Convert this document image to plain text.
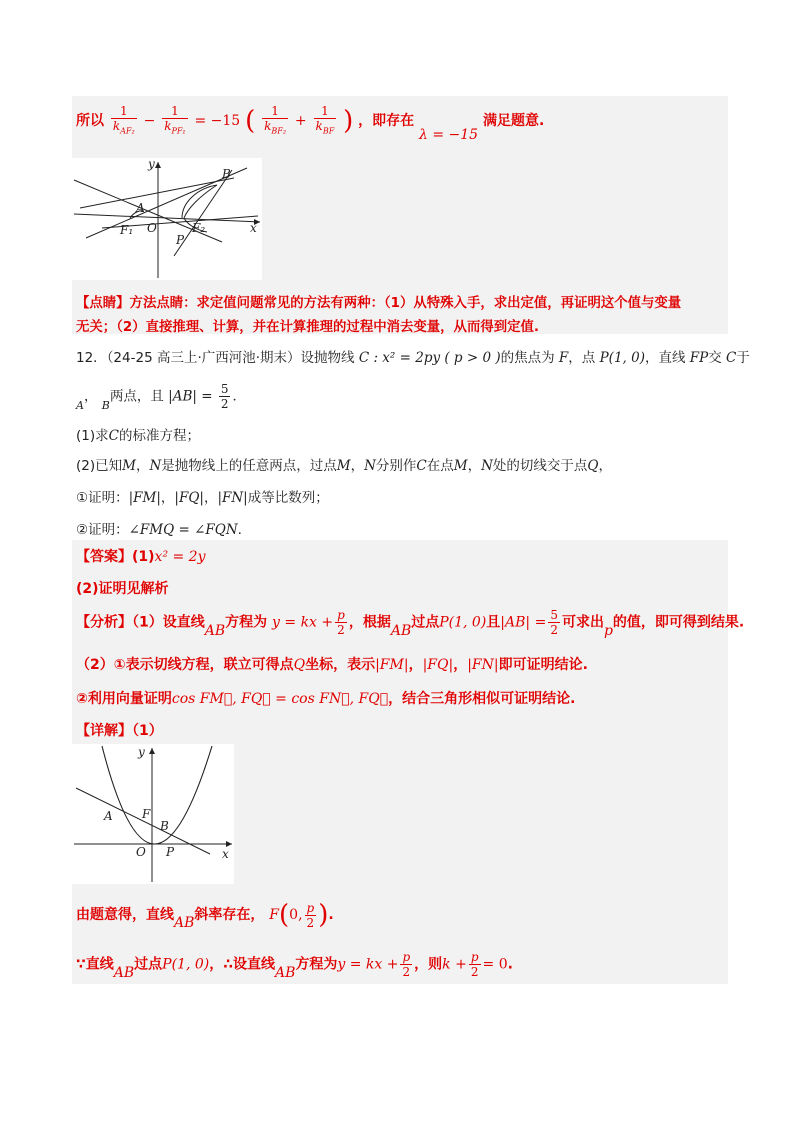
所以 $\frac{1}{k_{AF_2}} - \frac{1}{k_{PF_1}} = -15$ ( $\frac{1}{k_{BF_2}} + \frac{1}{k_{BF}}$ ) ，即存在 λ = −15 满足题意.
y
x
B
A
F₁ O
P
F₂
【点睛】方法点睛：求定值问题常见的方法有两种：（1）从特殊入手，求出定值，再证明这个值与变量
无关；（2）直接推理、计算，并在计算推理的过程中消去变量，从而得到定值.
12．（24-25 高三上·广西河池·期末）设抛物线 C : x² = 2py ( p > 0 )的焦点为 F，点 P(1, 0)，直线 FP交 C于
$_A$， $_B$两点，且 $|AB| = \frac{5}{2}$ ．
(1)求C的标准方程；
(2)已知M，N是抛物线上的任意两点，过点M，N分别作C在点M，N处的切线交于点Q，
①证明：|FM|，|FQ|，|FN|成等比数列；
②证明：∠FMQ = ∠FQN.
【答案】(1)x² = 2y
(2)证明见解析
【分析】（1）设直线AB方程为 y = kx + $\frac{p}{2}$ ，根据AB过点P(1, 0)且$|AB| = \frac{5}{2}$ 可求出p的值，即可得到结果.
（2）①表示切线方程，联立可得点Q坐标，表示|FM|，|FQ|，|FN|即可证明结论.
②利用向量证明cos FM⃗, FQ⃗ = cos FN⃗, FQ⃗，结合三角形相似可证明结论.
【详解】（1）
y
x
A F
B
O P
由题意得，直线AB斜率存在， F(0, $\frac{p}{2}$ ).
∵直线AB过点P(1, 0)，∴设直线AB方程为y = kx + $\frac{p}{2}$ ，则$k + \frac{p}{2} = 0$.
